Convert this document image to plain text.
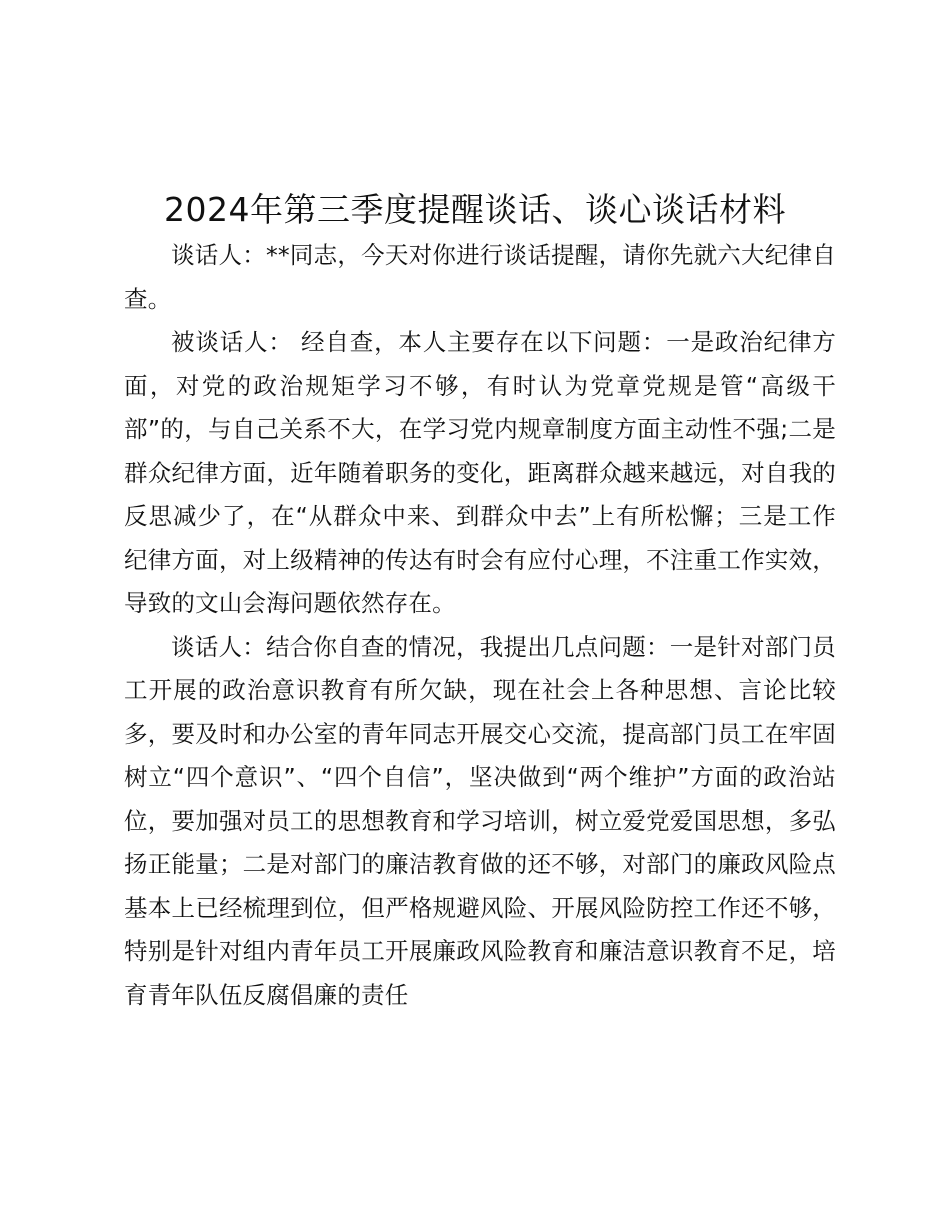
2024年第三季度提醒谈话、谈心谈话材料

谈话人：**同志，今天对你进行谈话提醒，请你先就六大纪律自查。

被谈话人： 经自查，本人主要存在以下问题：一是政治纪律方面，对党的政治规矩学习不够，有时认为党章党规是管“高级干部”的，与自己关系不大，在学习党内规章制度方面主动性不强;二是群众纪律方面，近年随着职务的变化，距离群众越来越远，对自我的反思减少了，在“从群众中来、到群众中去”上有所松懈；三是工作纪律方面，对上级精神的传达有时会有应付心理，不注重工作实效，导致的文山会海问题依然存在。

谈话人：结合你自查的情况，我提出几点问题：一是针对部门员工开展的政治意识教育有所欠缺，现在社会上各种思想、言论比较多，要及时和办公室的青年同志开展交心交流，提高部门员工在牢固树立“四个意识”、“四个自信”，坚决做到“两个维护”方面的政治站位，要加强对员工的思想教育和学习培训，树立爱党爱国思想，多弘扬正能量；二是对部门的廉洁教育做的还不够，对部门的廉政风险点基本上已经梳理到位，但严格规避风险、开展风险防控工作还不够，特别是针对组内青年员工开展廉政风险教育和廉洁意识教育不足，培育青年队伍反腐倡廉的责任
